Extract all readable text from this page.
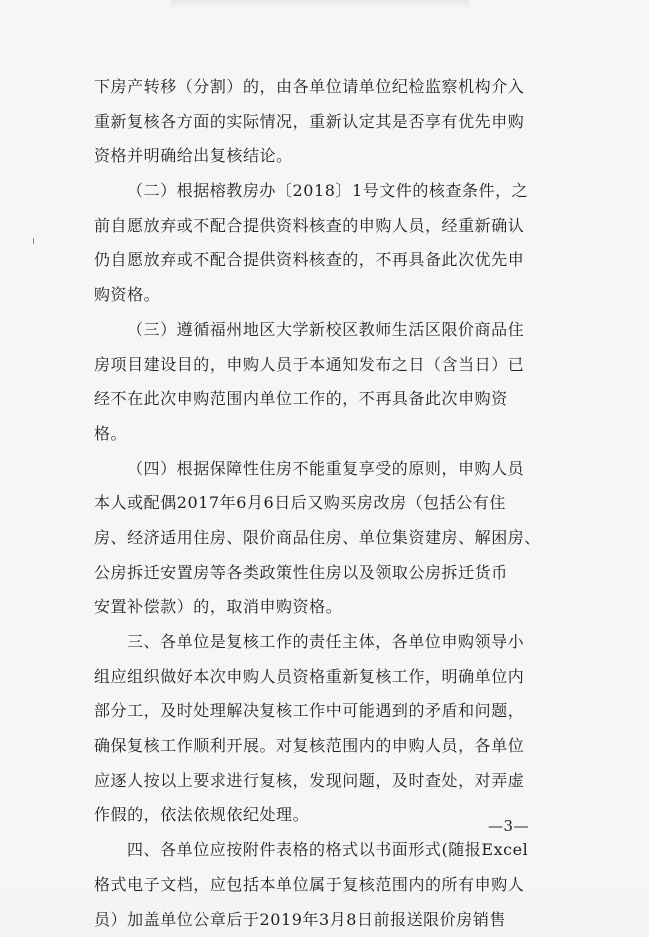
下房产转移（分割）的，由各单位请单位纪检监察机构介入
重新复核各方面的实际情况，重新认定其是否享有优先申购
资格并明确给出复核结论。

（二）根据榕教房办〔2018〕1号文件的核查条件，之
前自愿放弃或不配合提供资料核查的申购人员，经重新确认
仍自愿放弃或不配合提供资料核查的，不再具备此次优先申
购资格。

（三）遵循福州地区大学新校区教师生活区限价商品住
房项目建设目的，申购人员于本通知发布之日（含当日）已
经不在此次申购范围内单位工作的，不再具备此次申购资
格。

（四）根据保障性住房不能重复享受的原则，申购人员
本人或配偶2017年6月6日后又购买房改房（包括公有住
房、经济适用住房、限价商品住房、单位集资建房、解困房、
公房拆迁安置房等各类政策性住房以及领取公房拆迁货币
安置补偿款）的，取消申购资格。

三、各单位是复核工作的责任主体，各单位申购领导小
组应组织做好本次申购人员资格重新复核工作，明确单位内
部分工，及时处理解决复核工作中可能遇到的矛盾和问题，
确保复核工作顺利开展。对复核范围内的申购人员，各单位
应逐人按以上要求进行复核，发现问题，及时查处，对弄虚
作假的，依法依规依纪处理。

四、各单位应按附件表格的格式以书面形式(随报Excel
格式电子文档，应包括本单位属于复核范围内的所有申购人
员）加盖单位公章后于2019年3月8日前报送限价房销售

—3—
